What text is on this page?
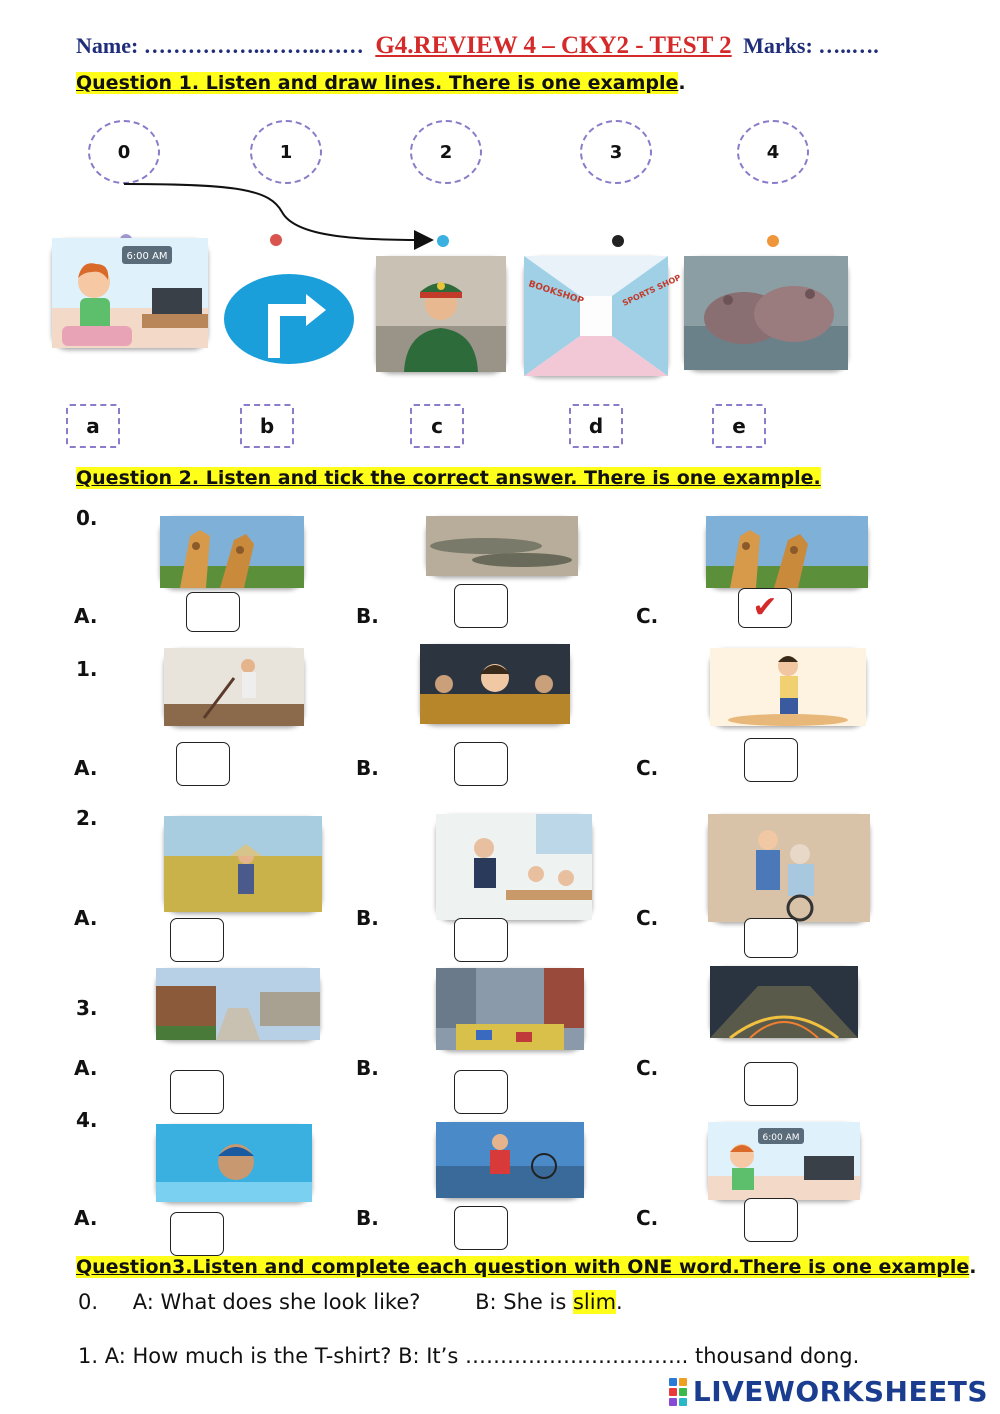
Name: ……………..……..…… G4.REVIEW 4 – CKY2 - TEST 2 Marks: …..….
Question 1. Listen and draw lines. There is one example.
0	1	2	3	4
6:00 AM
BOOKSHOP	SPORTS SHOP
a	b	c	d	e
Question 2. Listen and tick the correct answer. There is one example.
0.
A.	B.	C.	✔
1.
A.	B.	C.
2.
A.	B.	C.
3.
A.	B.	C.
4.
6:00 AM
A.	B.	C.
Question3.Listen and complete each question with ONE word.There is one example.
0. A: What does she look like?	B: She is slim.
1. A: How much is the T-shirt? B: It’s ………………………….. thousand dong.
LIVEWORKSHEETS
